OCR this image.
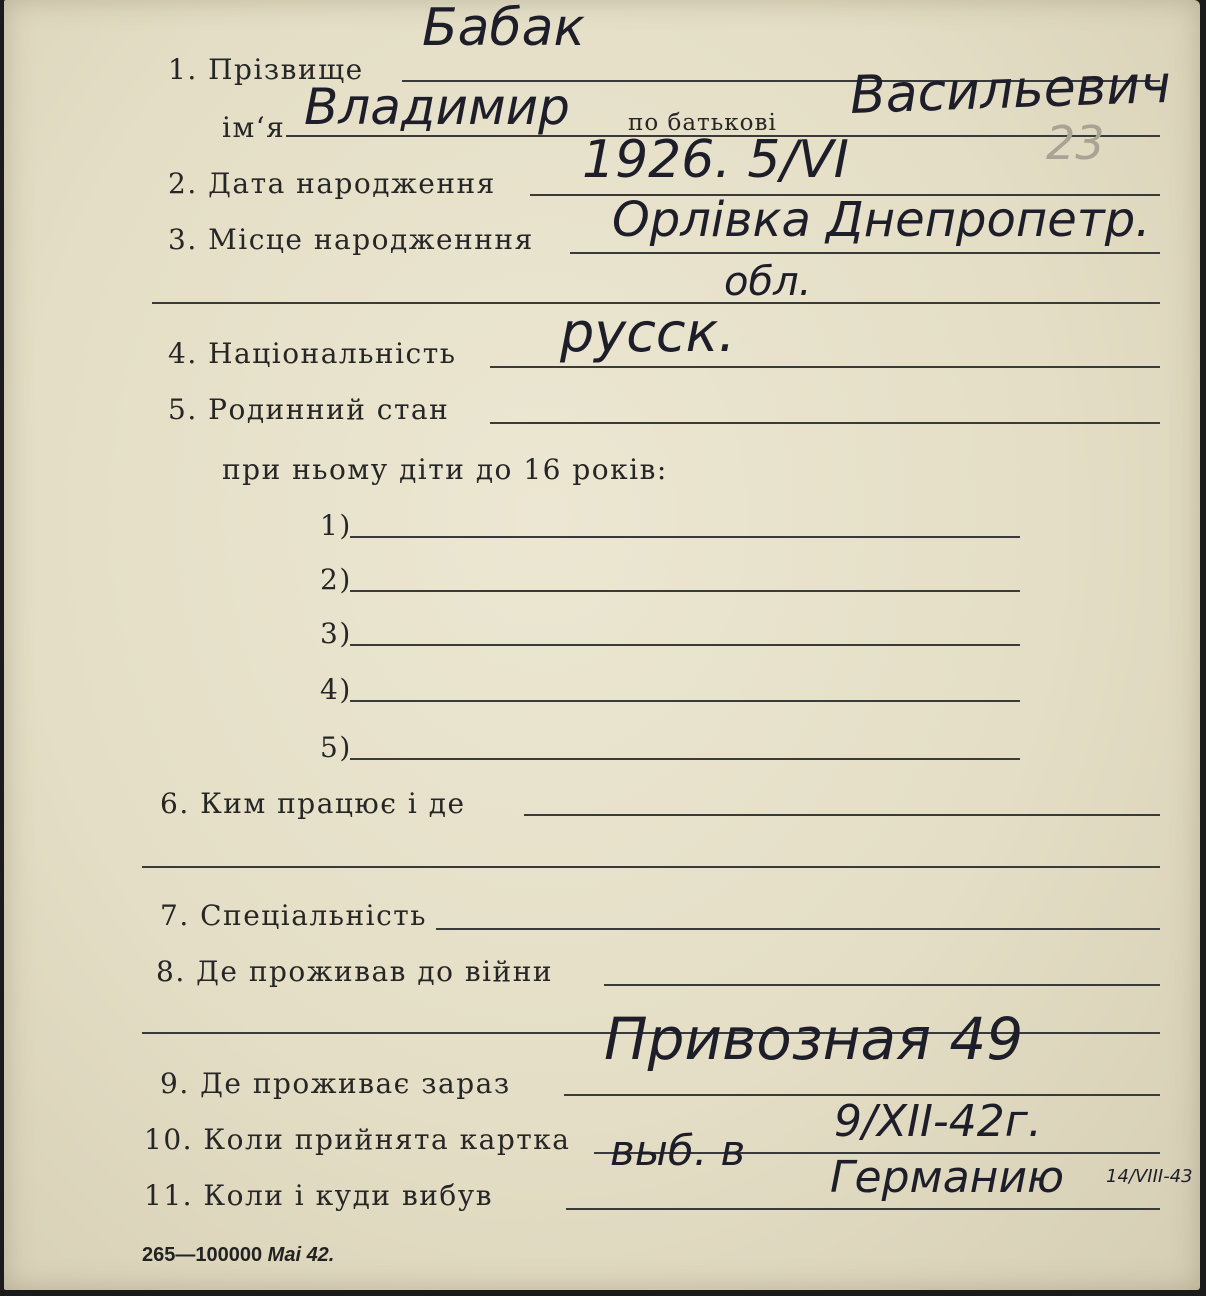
1. Прізвище
Бабак
ім‘я Владимир	по батькові Васильевич
23
2. Дата народження 1926. 5/VI
3. Місце народженння Орлівка Днепропетр.
обл.
4. Національність русск.
5. Родинний стан
при ньому діти до 16 років:
1)
2)
3)
4)
5)
6. Ким працює і де
7. Спеціальність
8. Де проживав до війни
9. Де проживає зараз
Привозная 49
10. Коли прийнята картка	9/XII-42г.
11. Коли і куди вибув
выб. в
Германию 14/VIII-43
265—100000 Mai 42.
